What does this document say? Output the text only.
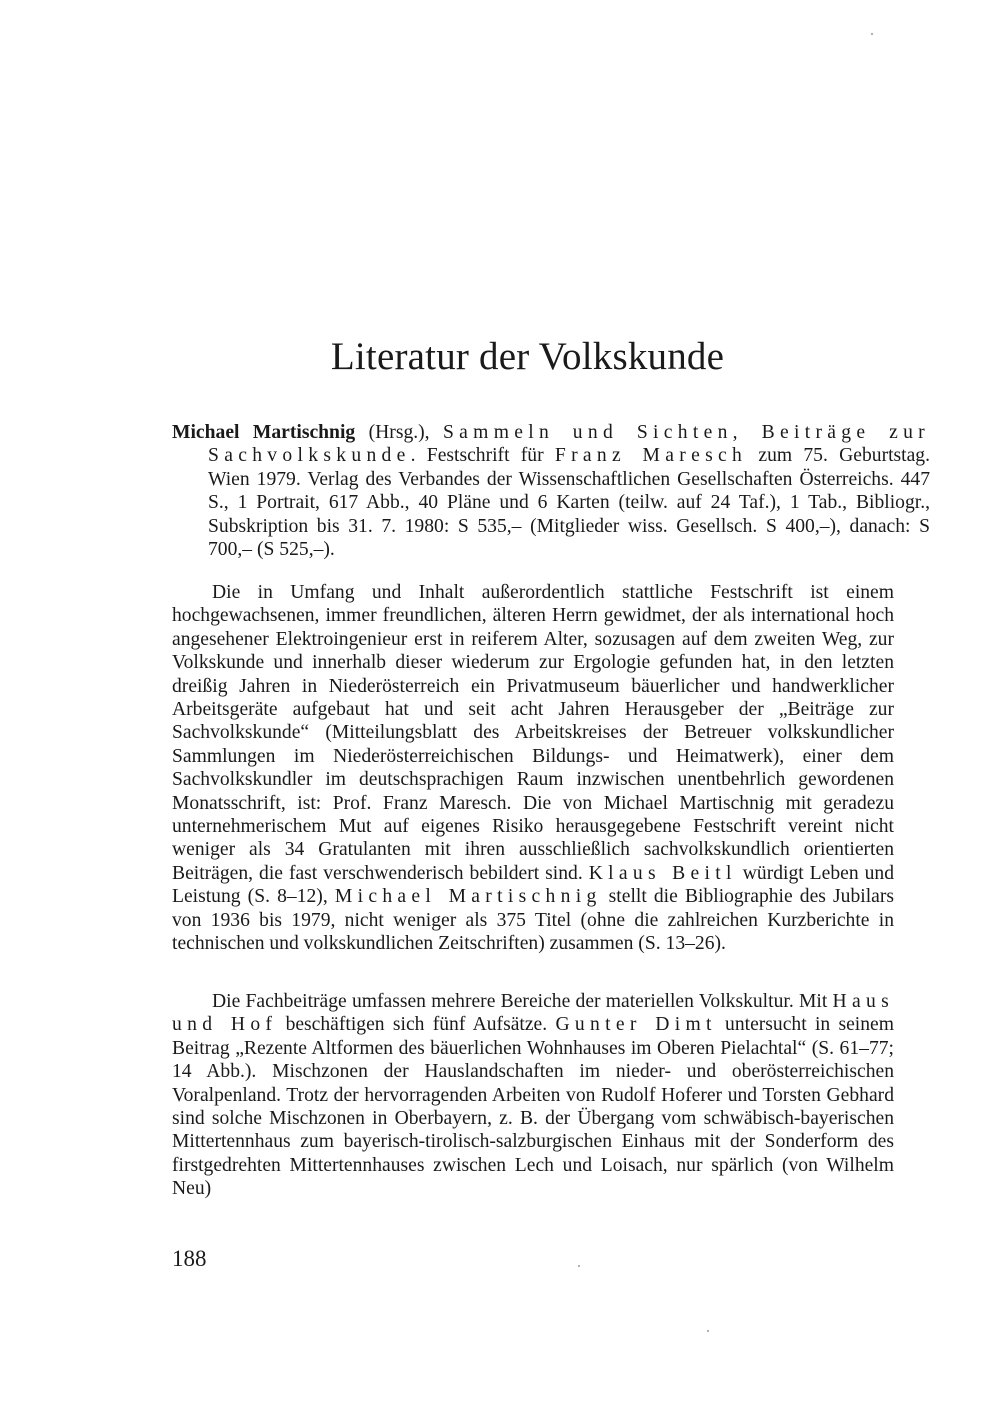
Literatur der Volkskunde

Michael Martischnig (Hrsg.), Sammeln und Sichten, Beiträge zur Sachvolkskunde. Festschrift für Franz Maresch zum 75. Geburtstag. Wien 1979. Verlag des Verbandes der Wissenschaftlichen Gesellschaften Österreichs. 447 S., 1 Portrait, 617 Abb., 40 Pläne und 6 Karten (teilw. auf 24 Taf.), 1 Tab., Bibliogr., Subskription bis 31. 7. 1980: S 535,– (Mitglieder wiss. Gesellsch. S 400,–), danach: S 700,– (S 525,–).

Die in Umfang und Inhalt außerordentlich stattliche Festschrift ist einem hochgewachsenen, immer freundlichen, älteren Herrn gewidmet, der als international hoch angesehener Elektroingenieur erst in reiferem Alter, sozusagen auf dem zweiten Weg, zur Volkskunde und innerhalb dieser wiederum zur Ergologie gefunden hat, in den letzten dreißig Jahren in Niederösterreich ein Privatmuseum bäuerlicher und handwerklicher Arbeitsgeräte aufgebaut hat und seit acht Jahren Herausgeber der „Beiträge zur Sachvolkskunde“ (Mitteilungsblatt des Arbeitskreises der Betreuer volkskundlicher Sammlungen im Niederösterreichischen Bildungs- und Heimatwerk), einer dem Sachvolkskundler im deutschsprachigen Raum inzwischen unentbehrlich gewordenen Monatsschrift, ist: Prof. Franz Maresch. Die von Michael Martischnig mit geradezu unternehmerischem Mut auf eigenes Risiko herausgegebene Festschrift vereint nicht weniger als 34 Gratulanten mit ihren ausschließlich sachvolkskundlich orientierten Beiträgen, die fast verschwenderisch bebildert sind. Klaus Beitl würdigt Leben und Leistung (S. 8–12), Michael Martischnig stellt die Bibliographie des Jubilars von 1936 bis 1979, nicht weniger als 375 Titel (ohne die zahlreichen Kurzberichte in technischen und volkskundlichen Zeitschriften) zusammen (S. 13–26).

Die Fachbeiträge umfassen mehrere Bereiche der materiellen Volkskultur. Mit Haus und Hof beschäftigen sich fünf Aufsätze. Gunter Dimt untersucht in seinem Beitrag „Rezente Altformen des bäuerlichen Wohnhauses im Oberen Pielachtal“ (S. 61–77; 14 Abb.). Mischzonen der Hauslandschaften im nieder- und oberösterreichischen Voralpenland. Trotz der hervorragenden Arbeiten von Rudolf Hoferer und Torsten Gebhard sind solche Mischzonen in Oberbayern, z. B. der Übergang vom schwäbisch-bayerischen Mittertennhaus zum bayerisch-tirolisch-salzburgischen Einhaus mit der Sonderform des firstgedrehten Mittertennhauses zwischen Lech und Loisach, nur spärlich (von Wilhelm Neu)

188
